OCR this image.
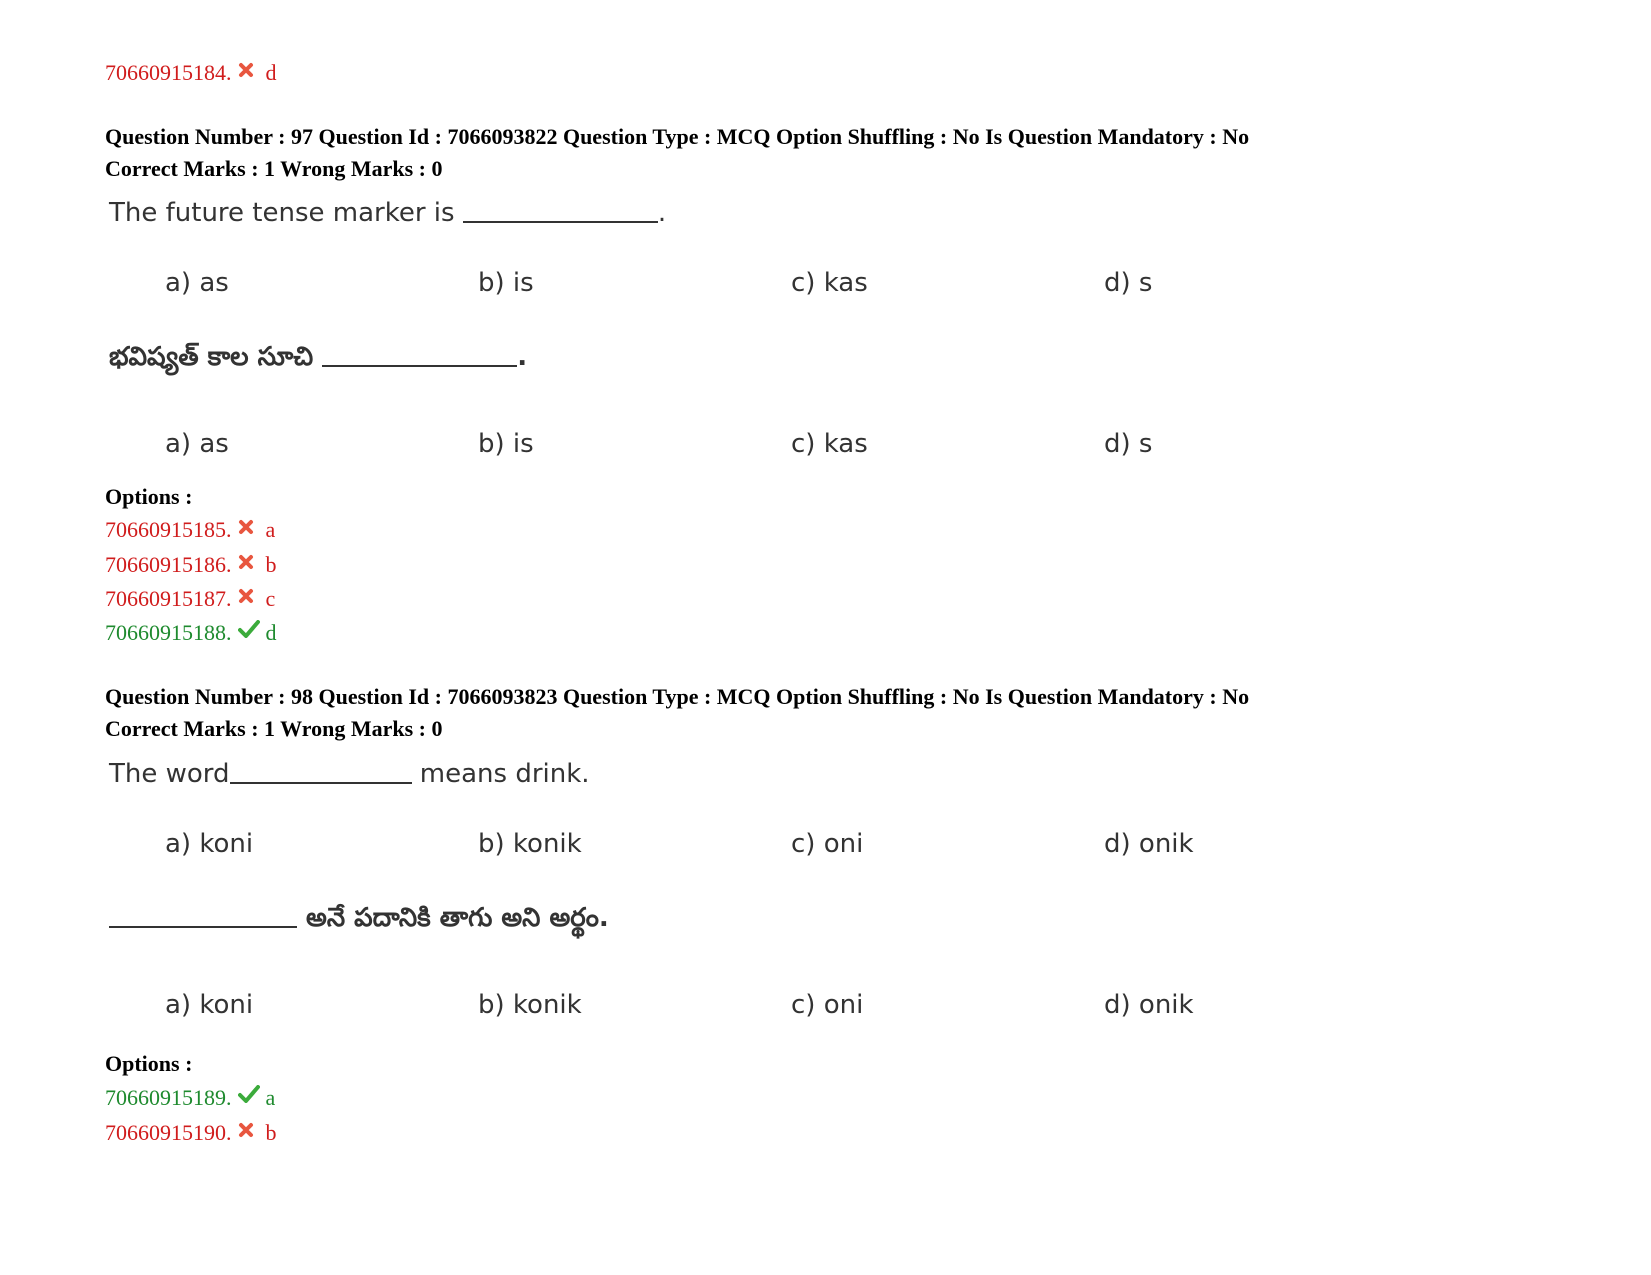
70660915184. d
Question Number : 97 Question Id : 7066093822 Question Type : MCQ Option Shuffling : No Is Question Mandatory : No
Correct Marks : 1 Wrong Marks : 0
The future tense marker is	.
a) as	b) is	c) kas	d) s
భవిష్యత్ కాల సూచి	.
a) as	b) is	c) kas	d) s
Options :
70660915185. a
70660915186. b
70660915187. c
70660915188. d
Question Number : 98 Question Id : 7066093823 Question Type : MCQ Option Shuffling : No Is Question Mandatory : No
Correct Marks : 1 Wrong Marks : 0
The word	means drink.
a) koni	b) konik	c) oni	d) onik
అనే పదానికి తాగు అని అర్థం.
a) koni	b) konik	c) oni	d) onik
Options :
70660915189. a
70660915190. b
